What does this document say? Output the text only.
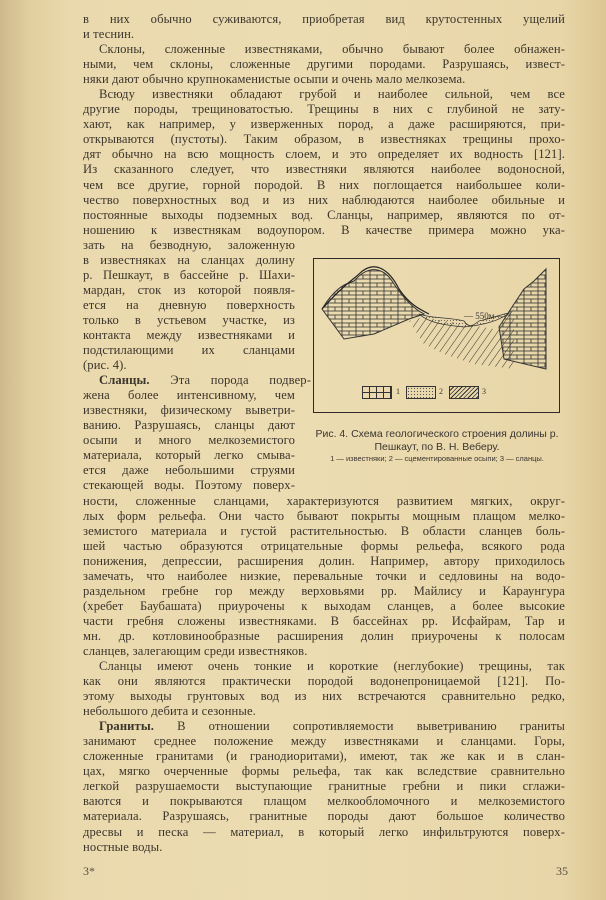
в них обычно суживаются, приобретая вид крутостенных ущелий
и теснин.
Склоны, сложенные известняками, обычно бывают более обнажен-
ными, чем склоны, сложенные другими породами. Разрушаясь, извест-
няки дают обычно крупнокаменистые осыпи и очень мало мелкозема.
Всюду известняки обладают грубой и наиболее сильной, чем все
другие породы, трещиноватостью. Трещины в них с глубиной не зату-
хают, как например, у изверженных пород, а даже расширяются, при-
открываются (пустоты). Таким образом, в известняках трещины прохо-
дят обычно на всю мощность слоем, и это определяет их водность [121].
Из сказанного следует, что известняки являются наиболее водоносной,
чем все другие, горной породой. В них поглощается наибольшее коли-
чество поверхностных вод и из них наблюдаются наиболее обильные и
постоянные выходы подземных вод. Сланцы, например, являются по от-
ношению к известнякам водоупором. В качестве примера можно ука-
зать на безводную, заложенную
в известняках на сланцах долину
р. Пешкаут, в бассейне р. Шахи-
мардан, сток из которой появля-
ется на дневную поверхность
только в устьевом участке, из
контакта между известняками и
подстилающими их сланцами
(рис. 4).
Сланцы. Эта порода подвер-
жена более интенсивному, чем
известняки, физическому выветри-
ванию. Разрушаясь, сланцы дают
осыпи и много мелкоземистого
материала, который легко смыва-
ется даже небольшими струями
стекающей воды. Поэтому поверх-
ности, сложенные сланцами, характеризуются развитием мягких, округ-
лых форм рельефа. Они часто бывают покрыты мощным плащом мелко-
земистого материала и густой растительностью. В области сланцев боль-
шей частью образуются отрицательные формы рельефа, всякого рода
понижения, депрессии, расширения долин. Например, автору приходилось
замечать, что наиболее низкие, перевальные точки и седловины на водо-
раздельном гребне гор между верховьями рр. Майлису и Караунгура
(хребет Баубашата) приурочены к выходам сланцев, а более высокие
части гребня сложены известняками. В бассейнах рр. Исфайрам, Тар и
мн. др. котловинообразные расширения долин приурочены к полосам
сланцев, залегающим среди известняков.
Сланцы имеют очень тонкие и короткие (неглубокие) трещины, так
как они являются практически породой водонепроницаемой [121]. По-
этому выходы грунтовых вод из них встречаются сравнительно редко,
небольшого дебита и сезонные.
Граниты. В отношении сопротивляемости выветриванию граниты
занимают среднее положение между известняками и сланцами. Горы,
сложенные гранитами (и гранодиоритами), имеют, так же как и в слан-
цах, мягко очерченные формы рельефа, так как вследствие сравнительно
легкой разрушаемости выступающие гранитные гребни и пики сглажи-
ваются и покрываются плащом мелкообломочного и мелкоземистого
материала. Разрушаясь, гранитные породы дают большое количество
дресвы и песка — материал, в который легко инфильтруются поверх-
ностные воды.
— 550м —
1	2	3
Рис. 4. Схема геологического строения долины р. Пешкаут, по В. Н. Веберу.
1 — известняки; 2 — сцементированные осыпи; 3 — сланцы.
3*	35
